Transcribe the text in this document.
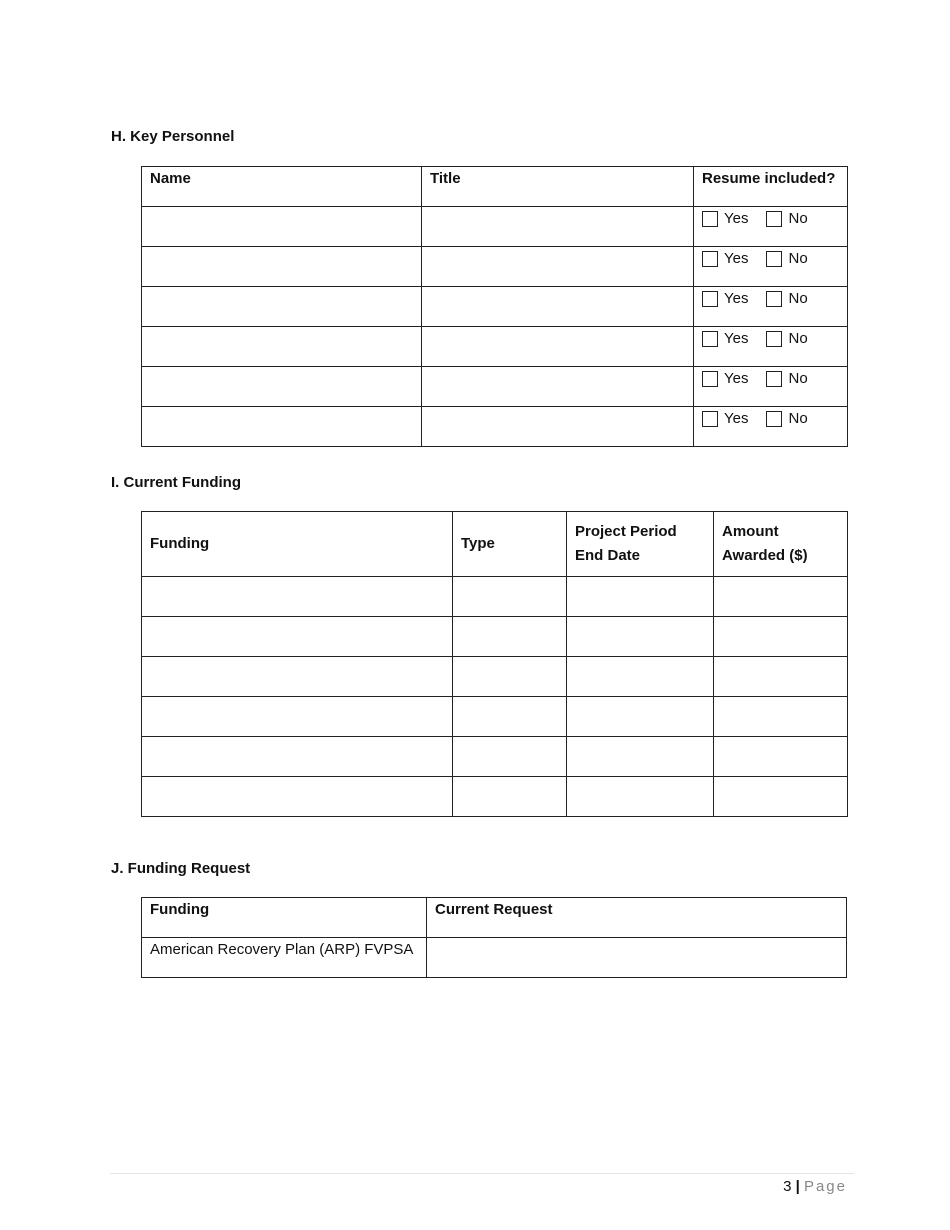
H. Key Personnel
Name	Title	Resume included?

		Yes No

		Yes No

		Yes No

		Yes No

		Yes No

		Yes No
I. Current Funding
Funding	Type	Project Period End Date	Amount Awarded ($)

J. Funding Request
Funding	Current Request
American Recovery Plan (ARP) FVPSA	
3 | Page
